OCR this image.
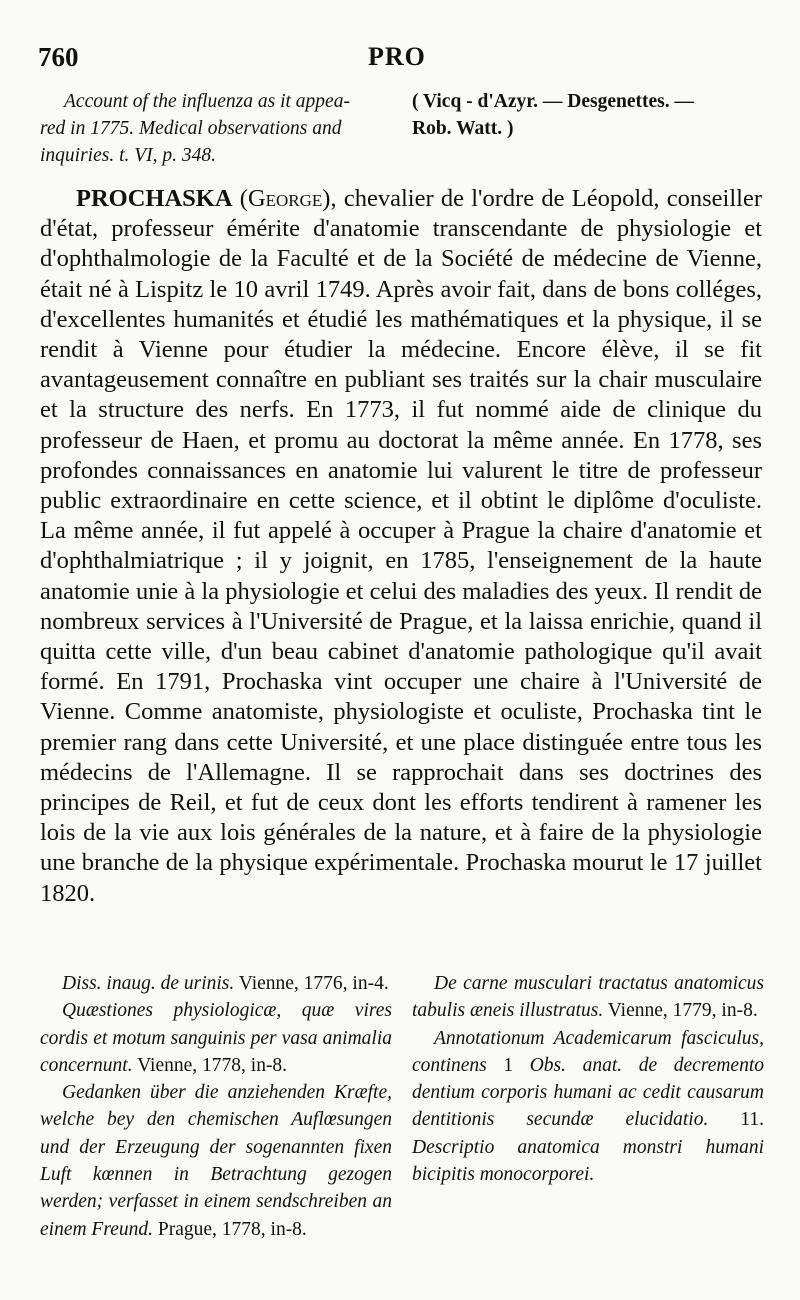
760	PRO
Account of the influenza as it appea-
red in 1775. Medical observations and
inquiries. t. VI, p. 348.
( Vicq - d'Azyr. — Desgenettes. —
Rob. Watt. )

PROCHASKA (George), chevalier de l'ordre de Léopold, conseiller d'état, professeur émérite d'anatomie transcendante de physiologie et d'ophthalmologie de la Faculté et de la Société de médecine de Vienne, était né à Lispitz le 10 avril 1749. Après avoir fait, dans de bons colléges, d'excellentes humanités et étudié les mathématiques et la physique, il se rendit à Vienne pour étudier la médecine. Encore élève, il se fit avantageusement connaître en publiant ses traités sur la chair musculaire et la structure des nerfs. En 1773, il fut nommé aide de clinique du professeur de Haen, et promu au doctorat la même année. En 1778, ses profondes connaissances en anatomie lui valurent le titre de professeur public extraordinaire en cette science, et il obtint le diplôme d'oculiste. La même année, il fut appelé à occuper à Prague la chaire d'anatomie et d'ophthalmiatrique ; il y joignit, en 1785, l'enseignement de la haute anatomie unie à la physiologie et celui des maladies des yeux. Il rendit de nombreux services à l'Université de Prague, et la laissa enrichie, quand il quitta cette ville, d'un beau cabinet d'anatomie pathologique qu'il avait formé. En 1791, Prochaska vint occuper une chaire à l'Université de Vienne. Comme anatomiste, physiologiste et oculiste, Prochaska tint le premier rang dans cette Université, et une place distinguée entre tous les médecins de l'Allemagne. Il se rapprochait dans ses doctrines des principes de Reil, et fut de ceux dont les efforts tendirent à ramener les lois de la vie aux lois générales de la nature, et à faire de la physiologie une branche de la physique expérimentale. Prochaska mourut le 17 juillet 1820.

Diss. inaug. de urinis. Vienne, 1776, in-4.

Quæstiones physiologicæ, quæ vires cordis et motum sanguinis per vasa animalia concernunt. Vienne, 1778, in-8.

Gedanken über die anziehenden Kræfte, welche bey den chemischen Auflœsungen und der Erzeugung der sogenannten fixen Luft kœnnen in Betrachtung gezogen werden; verfasset in einem sendschreiben an einem Freund. Prague, 1778, in-8.

De carne musculari tractatus anatomicus tabulis æneis illustratus. Vienne, 1779, in-8.

Annotationum Academicarum fasciculus, continens 1 Obs. anat. de decremento dentium corporis humani ac cedit causarum dentitionis secundæ elucidatio. 11. Descriptio anatomica monstri humani bicipitis monocorporei.
